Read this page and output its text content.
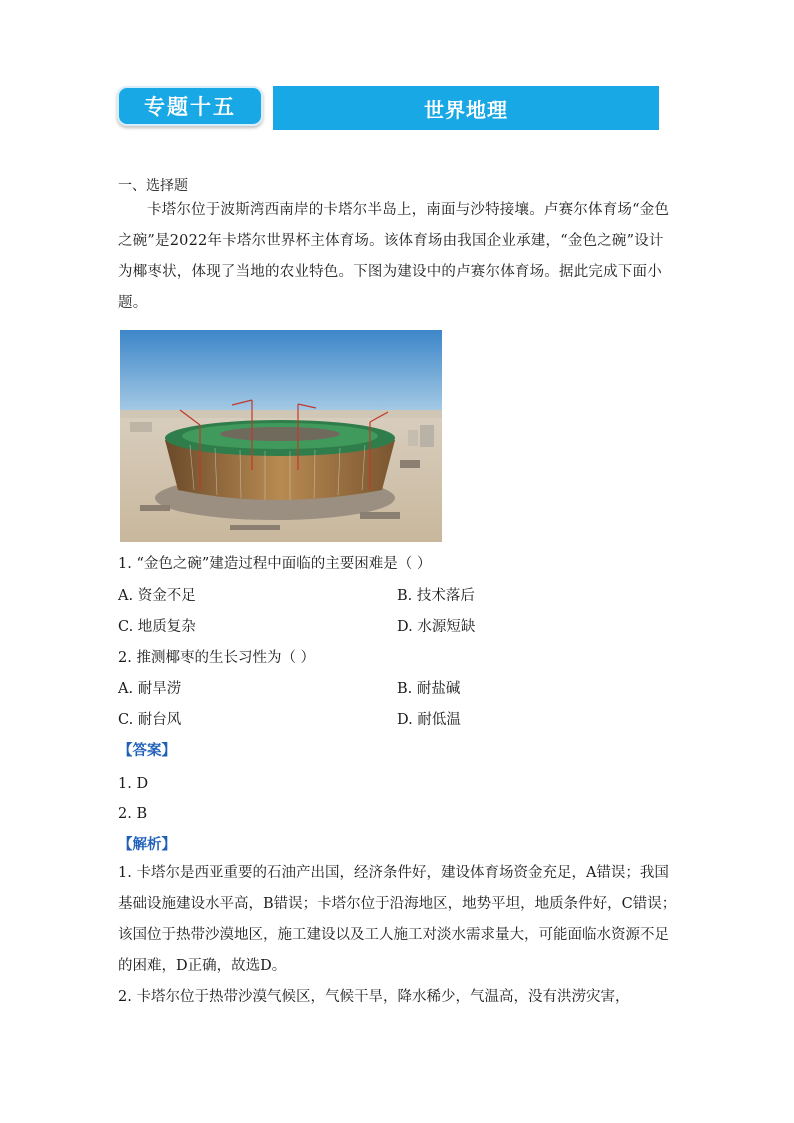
专题十五	世界地理
一、选择题
卡塔尔位于波斯湾西南岸的卡塔尔半岛上，南面与沙特接壤。卢赛尔体育场“金色之碗”是2022年卡塔尔世界杯主体育场。该体育场由我国企业承建，“金色之碗”设计为椰枣状，体现了当地的农业特色。下图为建设中的卢赛尔体育场。据此完成下面小题。
1. “金色之碗”建造过程中面临的主要困难是（ ）
A. 资金不足	B. 技术落后
C. 地质复杂	D. 水源短缺
2. 推测椰枣的生长习性为（ ）
A. 耐旱涝	B. 耐盐碱
C. 耐台风	D. 耐低温
【答案】
1. D
2. B
【解析】
1. 卡塔尔是西亚重要的石油产出国，经济条件好，建设体育场资金充足，A错误；我国基础设施建设水平高，B错误；卡塔尔位于沿海地区，地势平坦，地质条件好，C错误；该国位于热带沙漠地区，施工建设以及工人施工对淡水需求量大，可能面临水资源不足的困难，D正确，故选D。
2. 卡塔尔位于热带沙漠气候区，气候干旱，降水稀少，气温高，没有洪涝灾害，
